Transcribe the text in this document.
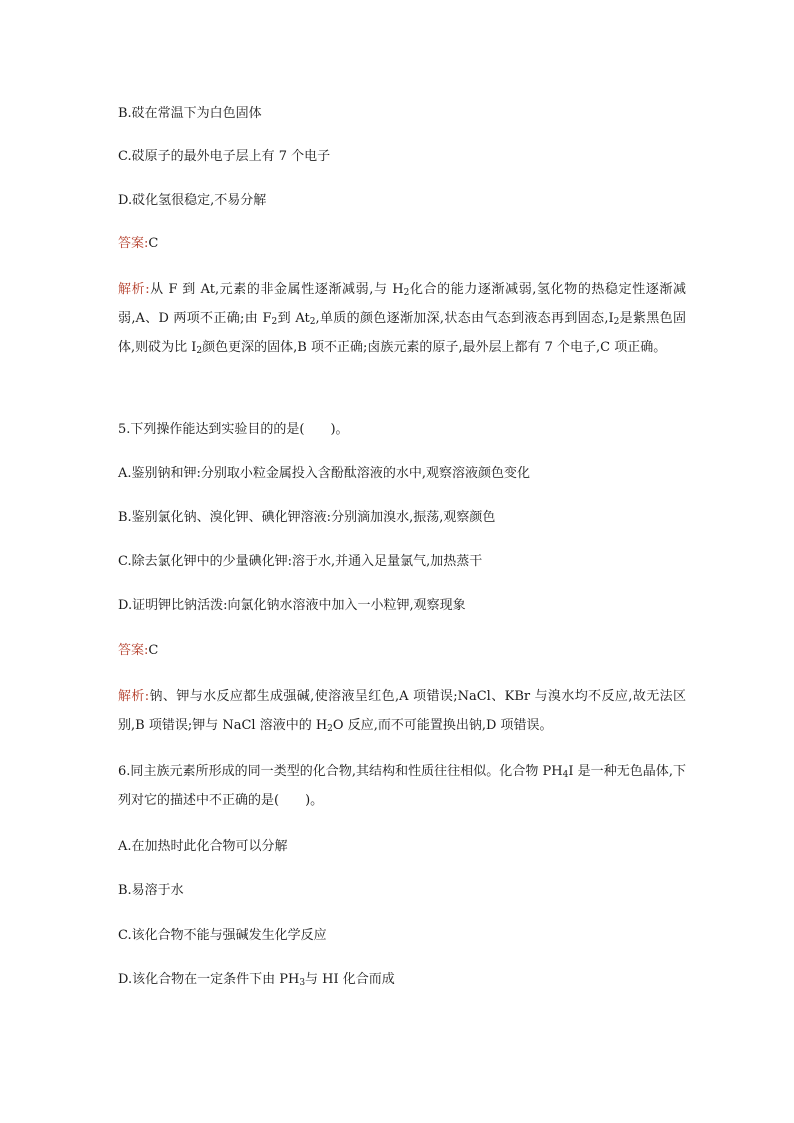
B.砹在常温下为白色固体
C.砹原子的最外电子层上有 7 个电子
D.砹化氢很稳定,不易分解
答案:C
解析:从 F 到 At,元素的非金属性逐渐减弱,与 $H_2$化合的能力逐渐减弱,氢化物的热稳定性逐渐减弱,A、D 两项不正确;由 $F_2$到 $At_2$,单质的颜色逐渐加深,状态由气态到液态再到固态$,I_2$是紫黑色固体,则砹为比 $I_2$颜色更深的固体,B 项不正确;卤族元素的原子,最外层上都有 7 个电子,C 项正确。
5.下列操作能达到实验目的的是(　　)。
A.鉴别钠和钾:分别取小粒金属投入含酚酞溶液的水中,观察溶液颜色变化
B.鉴别氯化钠、溴化钾、碘化钾溶液:分别滴加溴水,振荡,观察颜色
C.除去氯化钾中的少量碘化钾:溶于水,并通入足量氯气,加热蒸干
D.证明钾比钠活泼:向氯化钠水溶液中加入一小粒钾,观察现象
答案:C
解析:钠、钾与水反应都生成强碱,使溶液呈红色,A 项错误;NaCl、KBr 与溴水均不反应,故无法区别,B 项错误;钾与 NaCl 溶液中的 $H_2O$ 反应,而不可能置换出钠,D 项错误。
6.同主族元素所形成的同一类型的化合物,其结构和性质往往相似。化合物 $PH_4I$ 是一种无色晶体,下列对它的描述中不正确的是(　　)。
A.在加热时此化合物可以分解
B.易溶于水
C.该化合物不能与强碱发生化学反应
D.该化合物在一定条件下由 $PH_3$与 HI 化合而成
